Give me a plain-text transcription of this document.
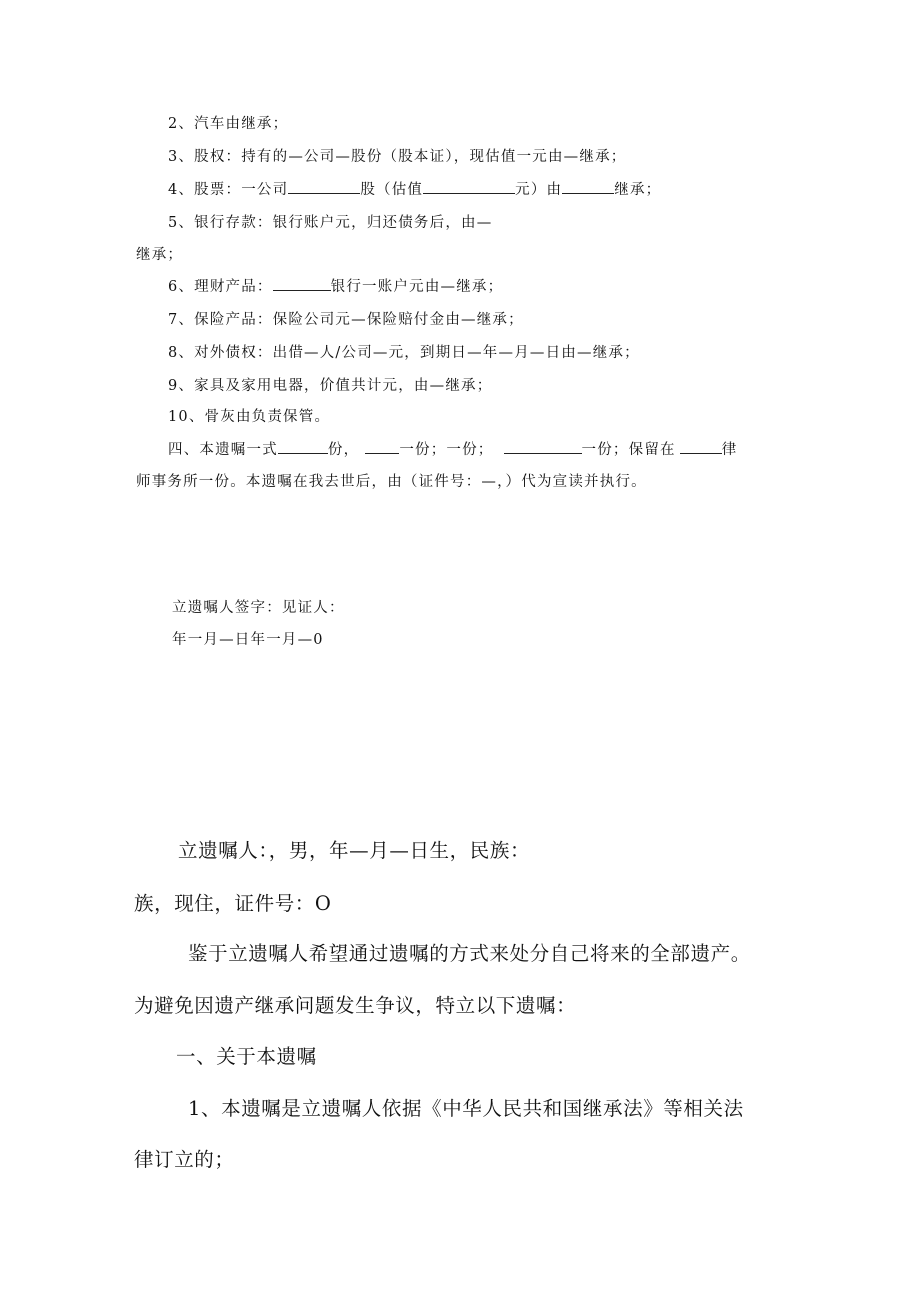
2、汽车由继承；

3、股权：持有的—公司—股份（股本证），现估值一元由—继承；

4、股票：一公司	股（估值	元）由	继承；

5、银行存款：银行账户元，归还债务后，由—

继承；

6、理财产品：	银行一账户元由—继承；

7、保险产品：保险公司元—保险赔付金由—继承；

8、对外债权：出借—人/公司—元，到期日—年—月—日由—继承；

9、家具及家用电器，价值共计元，由—继承；

10、骨灰由负责保管。

四、本遗嘱一式	份，	一份；一份；	一份；保留在	律

师事务所一份。本遗嘱在我去世后，由（证件号：—，）代为宣读并执行。

立遗嘱人签字：见证人：

年一月—日年一月—0

立遗嘱人：，男，年—月—日生，民族：

族，现住，证件号：O

鉴于立遗嘱人希望通过遗嘱的方式来处分自己将来的全部遗产。

为避免因遗产继承问题发生争议，特立以下遗嘱：

一、关于本遗嘱

1、本遗嘱是立遗嘱人依据《中华人民共和国继承法》等相关法

律订立的；
